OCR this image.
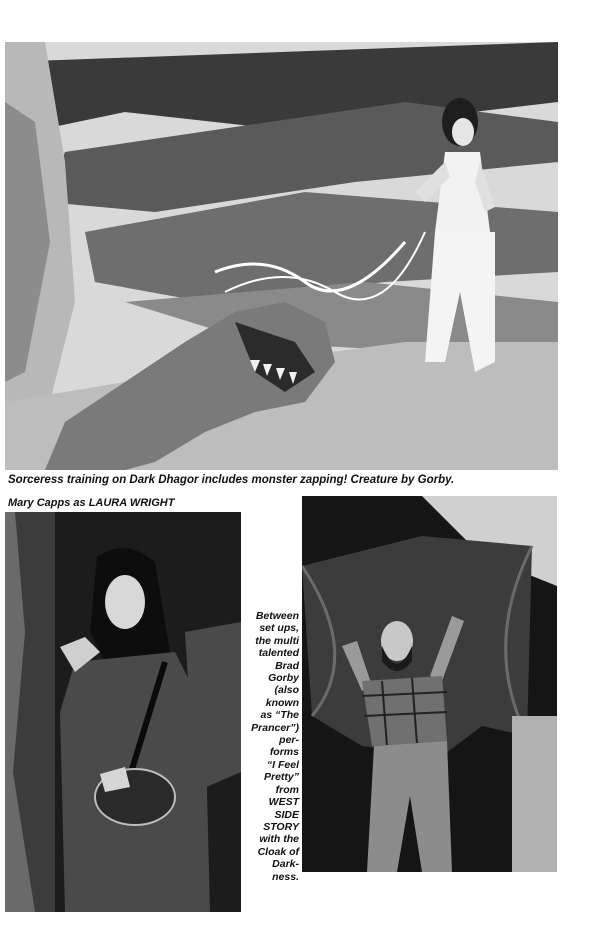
Sorceress training on Dark Dhagor includes monster zapping! Creature by Gorby.
Mary Capps as LAURA WRIGHT
Between
set ups,
the multi
talented
Brad
Gorby
(also
known
as “The
Prancer”)
per-
forms
“I Feel
Pretty”
from
WEST
SIDE
STORY
with the
Cloak of
Dark-
ness.
